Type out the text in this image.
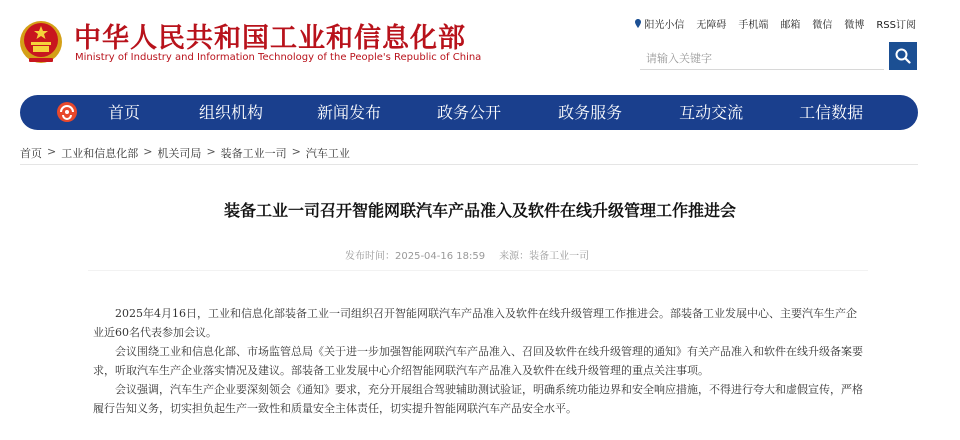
中华人民共和国工业和信息化部
Ministry of Industry and Information Technology of the People's Republic of China
阳光小信 无障碍 手机端 邮箱 微信 微博 RSS订阅
请输入关键字
首页	组织机构	新闻发布	政务公开	政务服务	互动交流	工信数据
首页 > 工业和信息化部 > 机关司局 > 装备工业一司 > 汽车工业
装备工业一司召开智能网联汽车产品准入及软件在线升级管理工作推进会
发布时间：2025-04-16 18:59 来源：装备工业一司

2025年4月16日，工业和信息化部装备工业一司组织召开智能网联汽车产品准入及软件在线升级管理工作推进会。部装备工业发展中心、主要汽车生产企业近60名代表参加会议。

会议围绕工业和信息化部、市场监管总局《关于进一步加强智能网联汽车产品准入、召回及软件在线升级管理的通知》有关产品准入和软件在线升级备案要求，听取汽车生产企业落实情况及建议。部装备工业发展中心介绍智能网联汽车产品准入及软件在线升级管理的重点关注事项。

会议强调，汽车生产企业要深刻领会《通知》要求，充分开展组合驾驶辅助测试验证，明确系统功能边界和安全响应措施，不得进行夸大和虚假宣传，严格履行告知义务，切实担负起生产一致性和质量安全主体责任，切实提升智能网联汽车产品安全水平。
